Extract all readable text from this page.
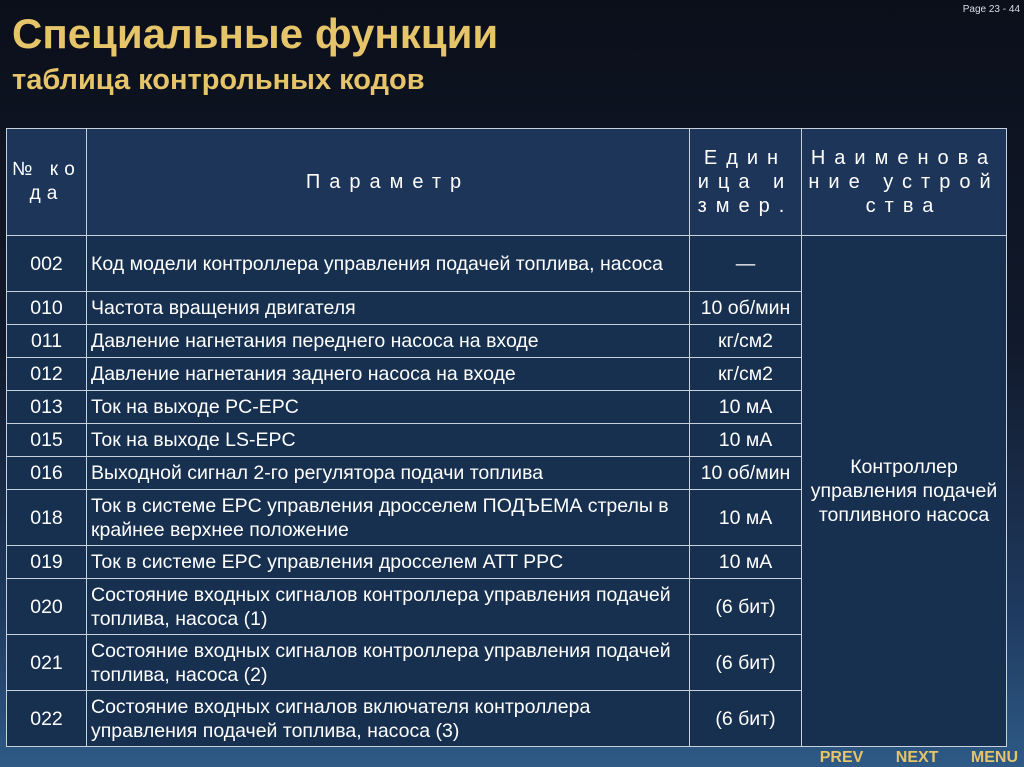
Page 23 - 44
Специальные функции
таблица контрольных кодов
№ кода	Параметр	Единица измер.	Наименование устройства
002	Код модели контроллера управления подачей топлива, насоса	—	Контроллер управления подачей топливного насоса
010	Частота вращения двигателя	10 об/мин	
011	Давление нагнетания переднего насоса на входе	кг/см2	
012	Давление нагнетания заднего насоса на входе	кг/см2	
013	Ток на выходе PC-EPC	10 мА	
015	Ток на выходе LS-EPC	10 мА	
016	Выходной сигнал 2-го регулятора подачи топлива	10 об/мин	
018	Ток в системе EPC управления дросселем ПОДЪЕМА стрелы в крайнее верхнее положение	10 мА	
019	Ток в системе EPC управления дросселем ATT PPC	10 мА	
020	Состояние входных сигналов контроллера управления подачей топлива, насоса (1)	(6 бит)	
021	Состояние входных сигналов контроллера управления подачей топлива, насоса (2)	(6 бит)	
022	Состояние входных сигналов включателя контроллера управления подачей топлива, насоса (3)	(6 бит)	
PREV NEXT MENU
